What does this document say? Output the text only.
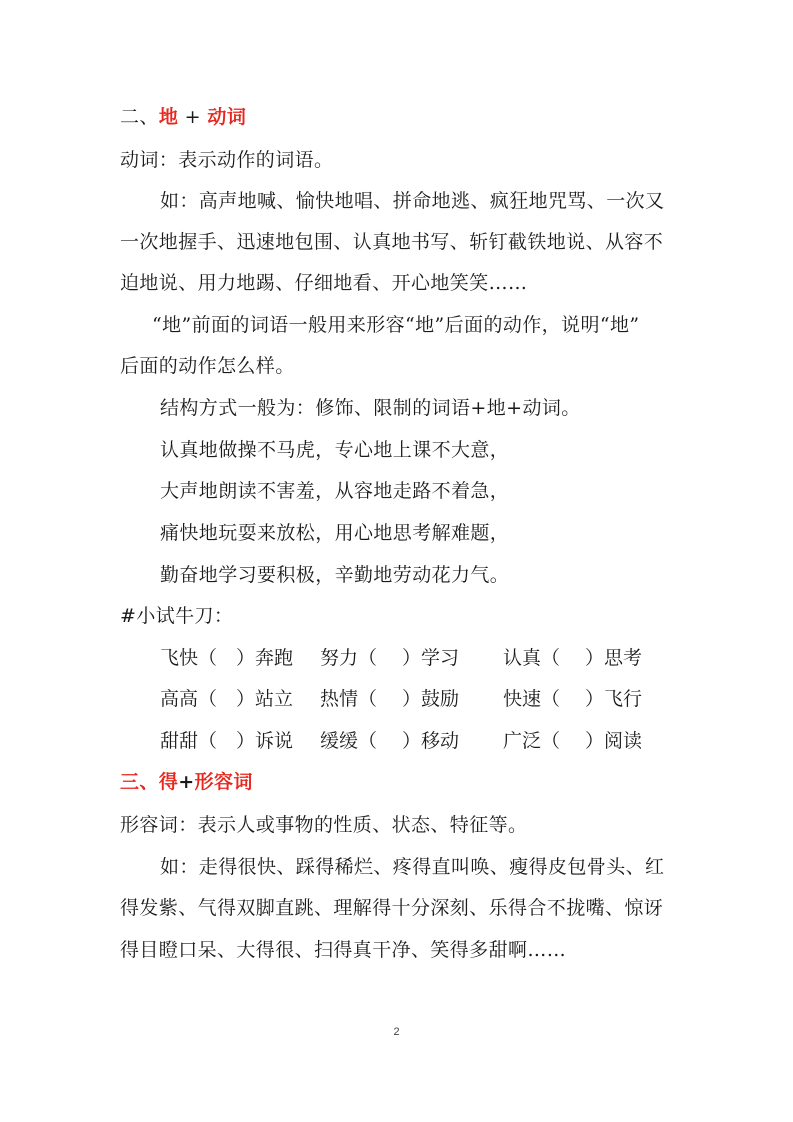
二、地 + 动词
动词：表示动作的词语。
如：高声地喊、愉快地唱、拼命地逃、疯狂地咒骂、一次又
一次地握手、迅速地包围、认真地书写、斩钉截铁地说、从容不
迫地说、用力地踢、仔细地看、开心地笑笑……
“地”前面的词语一般用来形容“地”后面的动作，说明“地”
后面的动作怎么样。
结构方式一般为：修饰、限制的词语+地+动词。
认真地做操不马虎，专心地上课不大意，
大声地朗读不害羞，从容地走路不着急，
痛快地玩耍来放松，用心地思考解难题，
勤奋地学习要积极，辛勤地劳动花力气。
#小试牛刀：
飞快（　）奔跑 努力（　 ）学习 认真（　 ）思考
高高（　）站立 热情（　 ）鼓励 快速（　 ）飞行
甜甜（　）诉说 缓缓（　 ）移动 广泛（　 ）阅读
三、得+形容词
形容词：表示人或事物的性质、状态、特征等。
如：走得很快、踩得稀烂、疼得直叫唤、瘦得皮包骨头、红
得发紫、气得双脚直跳、理解得十分深刻、乐得合不拢嘴、惊讶
得目瞪口呆、大得很、扫得真干净、笑得多甜啊……
2
